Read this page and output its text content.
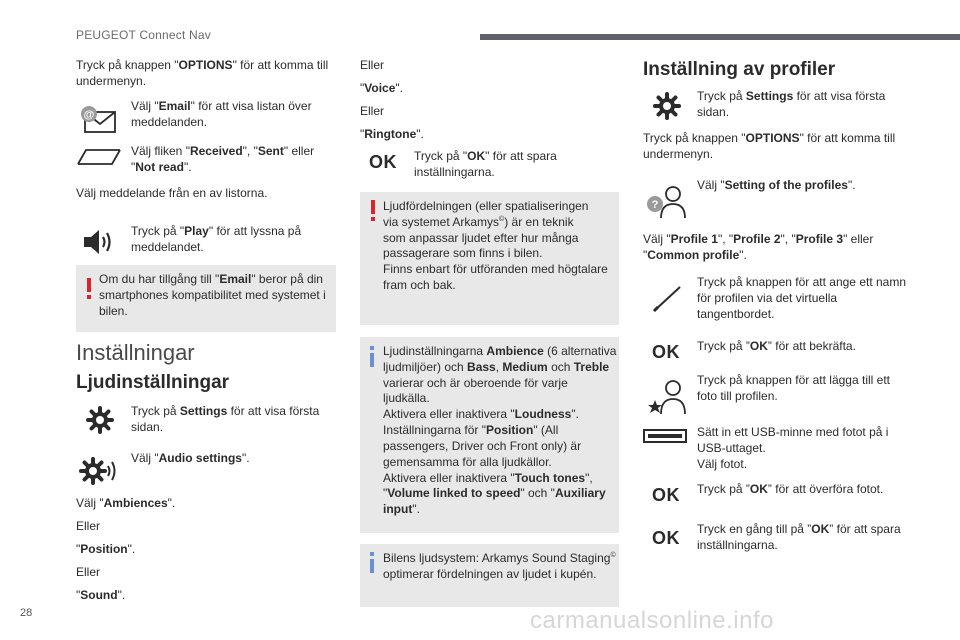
PEUGEOT Connect Nav
Tryck på knappen "OPTIONS" för att komma till undermenyn.
@
Välj "Email" för att visa listan över meddelanden.
Välj fliken "Received", "Sent" eller "Not read".
Välj meddelande från en av listorna.
Tryck på "Play" för att lyssna på meddelandet.
Om du har tillgång till "Email" beror på din smartphones kompatibilitet med systemet i bilen.
Inställningar
Ljudinställningar
Tryck på Settings för att visa första sidan.
Välj "Audio settings".
Välj "Ambiences".
Eller
"Position".
Eller
"Sound".
Eller
"Voice".
Eller
"Ringtone".
OK Tryck på "OK" för att spara inställningarna.
Ljudfördelningen (eller spatialiseringen
via systemet Arkamys©) är en teknik
som anpassar ljudet efter hur många
passagerare som finns i bilen.
Finns enbart för utföranden med högtalare
fram och bak.
Ljudinställningarna Ambience (6 alternativa ljudmiljöer) och Bass, Medium och Treble varierar och är oberoende för varje ljudkälla.
Aktivera eller inaktivera "Loudness".
Inställningarna för "Position" (All passengers, Driver och Front only) är gemensamma för alla ljudkällor.
Aktivera eller inaktivera "Touch tones", "Volume linked to speed" och "Auxiliary input".
Bilens ljudsystem: Arkamys Sound Staging© optimerar fördelningen av ljudet i kupén.
Inställning av profiler
Tryck på Settings för att visa första sidan.
Tryck på knappen "OPTIONS" för att komma till undermenyn.
?
Välj "Setting of the profiles".
Välj "Profile 1", "Profile 2", "Profile 3" eller "Common profile".
Tryck på knappen för att ange ett namn för profilen via det virtuella tangentbordet.
OK Tryck på ”OK” för att bekräfta.
Tryck på knappen för att lägga till ett foto till profilen.
Sätt in ett USB-minne med fotot på i USB-uttaget.
Välj fotot.
OK Tryck på ”OK” för att överföra fotot.
OK Tryck en gång till på ”OK” för att spara inställningarna.
28	carmanualsonline.info
